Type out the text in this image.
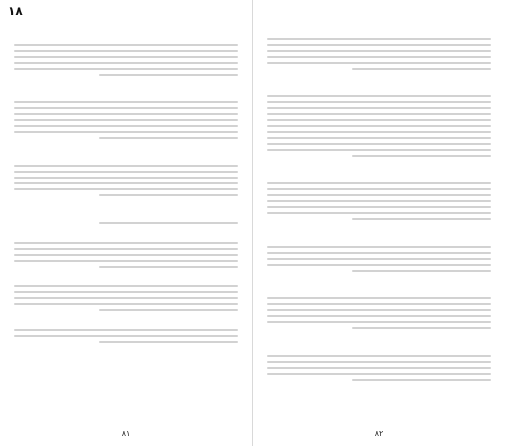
۱۸

۸۱	۸۲
